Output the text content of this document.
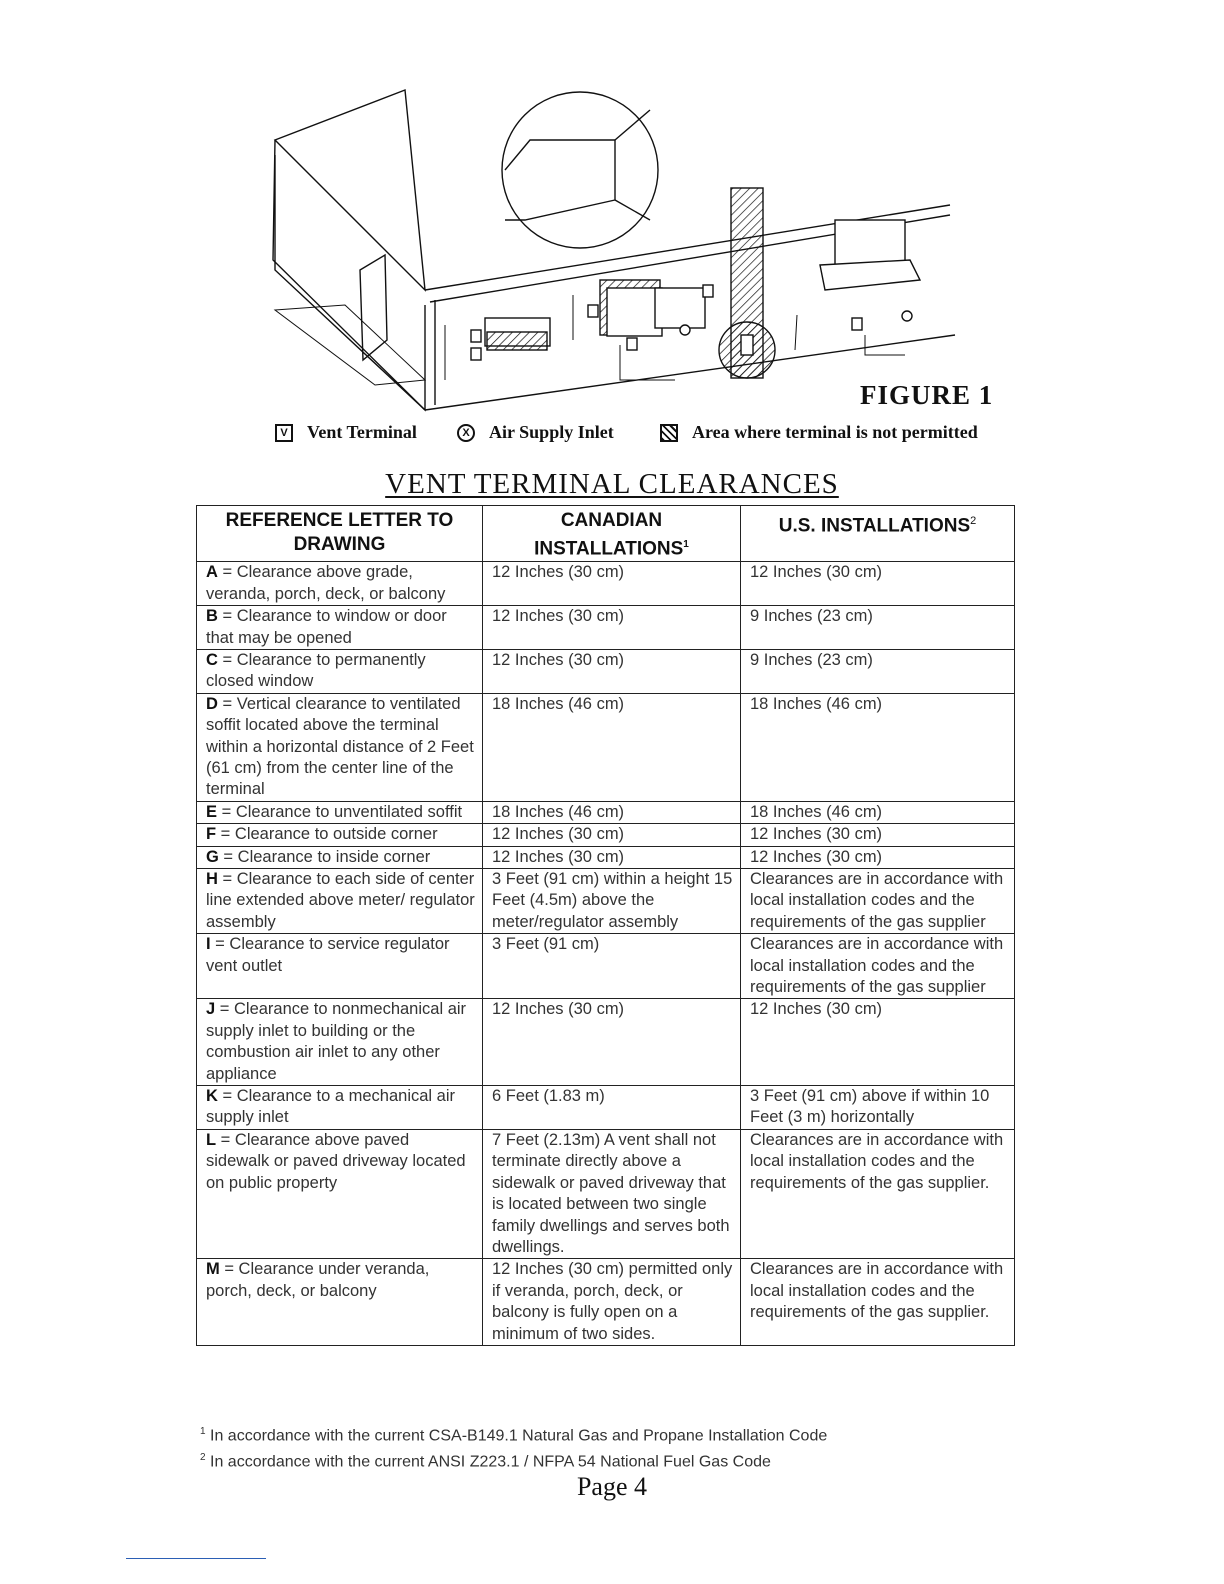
FIGURE 1
V Vent Terminal	X Air Supply Inlet	Area where terminal is not permitted
VENT TERMINAL CLEARANCES
REFERENCE LETTER TO DRAWING	CANADIAN INSTALLATIONS$^1$	U.S. INSTALLATIONS$^2$
A = Clearance above grade, veranda, porch, deck, or balcony	12 Inches (30 cm)	12 Inches (30 cm)
B = Clearance to window or door that may be opened	12 Inches (30 cm)	9 Inches (23 cm)
C = Clearance to permanently closed window	12 Inches (30 cm)	9 Inches (23 cm)
D = Vertical clearance to ventilated soffit located above the terminal within a horizontal distance of 2 Feet (61 cm) from the center line of the terminal	18 Inches (46 cm)	18 Inches (46 cm)
E = Clearance to unventilated soffit	18 Inches (46 cm)	18 Inches (46 cm)
F = Clearance to outside corner	12 Inches (30 cm)	12 Inches (30 cm)
G = Clearance to inside corner	12 Inches (30 cm)	12 Inches (30 cm)
H = Clearance to each side of center line extended above meter/ regulator assembly	3 Feet (91 cm) within a height 15 Feet (4.5m) above the meter/regulator assembly	Clearances are in accordance with local installation codes and the requirements of the gas supplier
I = Clearance to service regulator vent outlet	3 Feet (91 cm)	Clearances are in accordance with local installation codes and the requirements of the gas supplier
J = Clearance to nonmechanical air supply inlet to building or the combustion air inlet to any other appliance	12 Inches (30 cm)	12 Inches (30 cm)
K = Clearance to a mechanical air supply inlet	6 Feet (1.83 m)	3 Feet (91 cm) above if within 10 Feet (3 m) horizontally
L = Clearance above paved sidewalk or paved driveway located on public property	7 Feet (2.13m) A vent shall not terminate directly above a sidewalk or paved driveway that is located between two single family dwellings and serves both dwellings.	Clearances are in accordance with local installation codes and the requirements of the gas supplier.
M = Clearance under veranda, porch, deck, or balcony	12 Inches (30 cm) permitted only if veranda, porch, deck, or balcony is fully open on a minimum of two sides.	Clearances are in accordance with local installation codes and the requirements of the gas supplier.
$^1$ In accordance with the current CSA-B149.1 Natural Gas and Propane Installation Code
$^2$ In accordance with the current ANSI Z223.1 / NFPA 54 National Fuel Gas Code
Page 4
